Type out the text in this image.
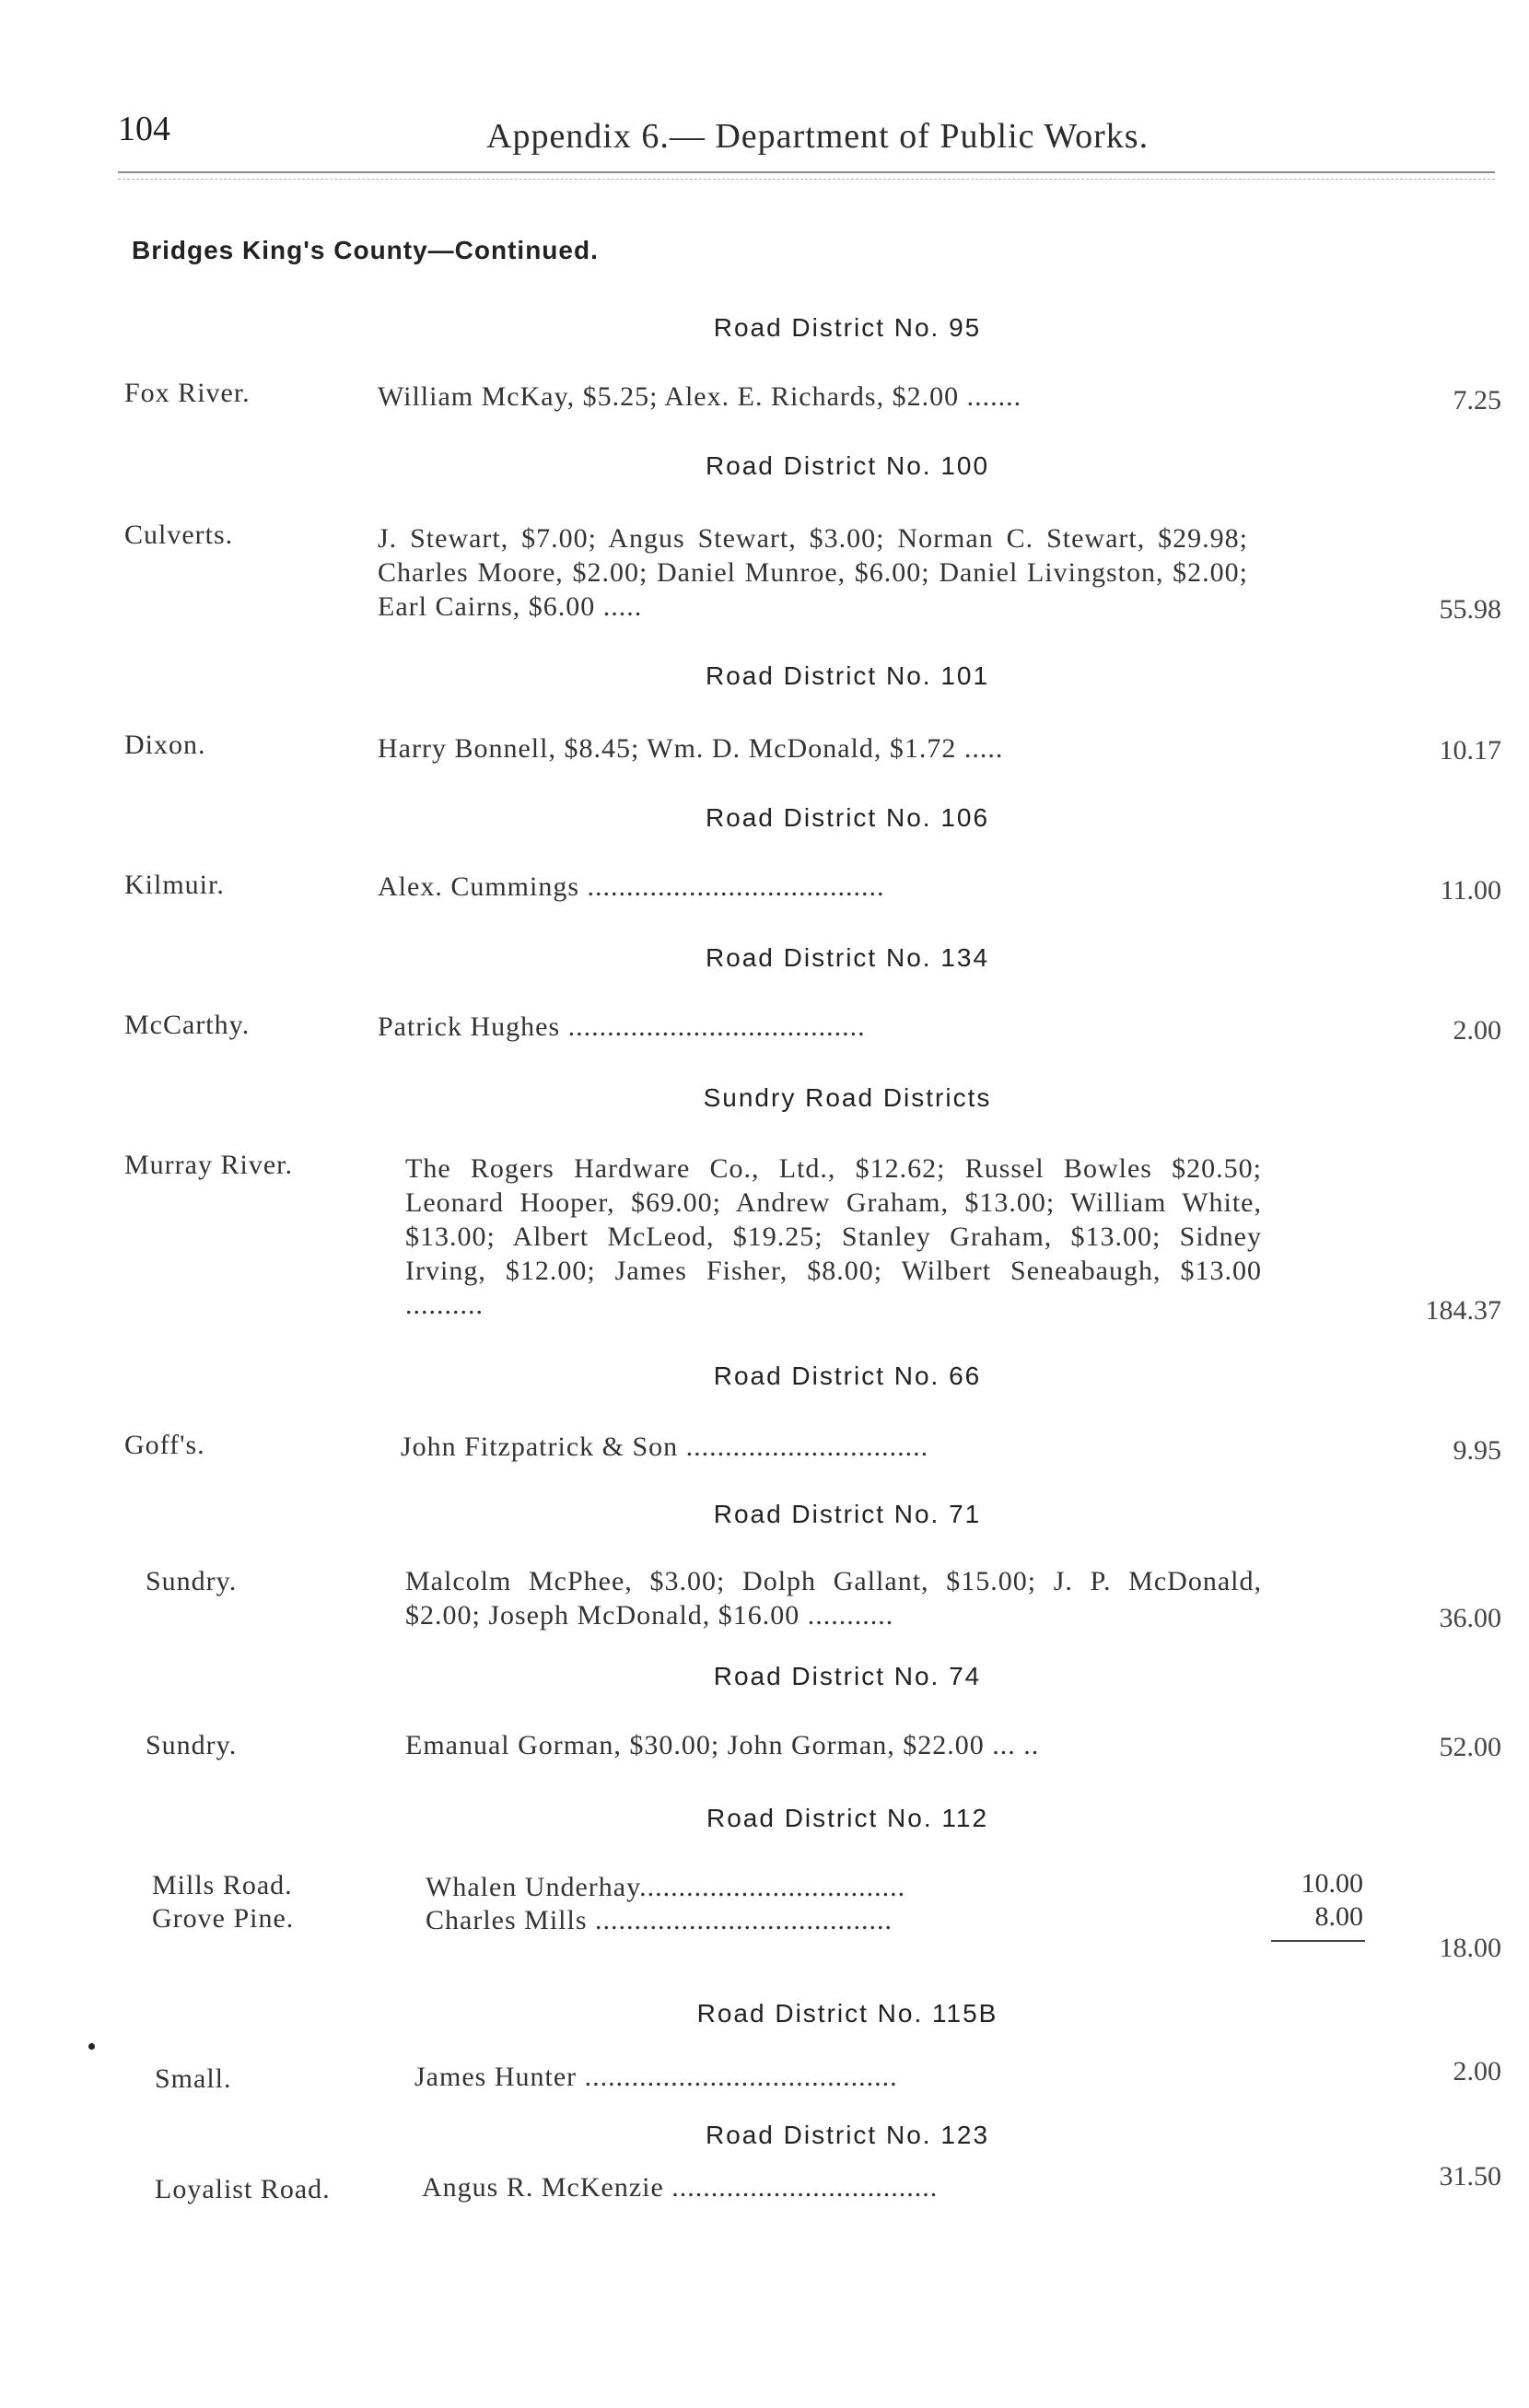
104	Appendix 6.— Department of Public Works.
Bridges King's County—Continued.
Road District No. 95
Fox River.	William McKay, $5.25; Alex. E. Richards, $2.00 .......	7.25
Road District No. 100
Culverts.	J. Stewart, $7.00; Angus Stewart, $3.00; Norman C. Stewart, $29.98; Charles Moore, $2.00; Daniel Munroe, $6.00; Daniel Livingston, $2.00; Earl Cairns, $6.00 .....	55.98
Road District No. 101
Dixon.	Harry Bonnell, $8.45; Wm. D. McDonald, $1.72 .....	10.17
Road District No. 106
Kilmuir.	Alex. Cummings ......................................	11.00
Road District No. 134
McCarthy.	Patrick Hughes ......................................	2.00
Sundry Road Districts
Murray River.	The Rogers Hardware Co., Ltd., $12.62; Russel Bowles $20.50; Leonard Hooper, $69.00; Andrew Graham, $13.00; William White, $13.00; Albert McLeod, $19.25; Stanley Graham, $13.00; Sidney Irving, $12.00; James Fisher, $8.00; Wilbert Seneabaugh, $13.00 ..........	184.37
Road District No. 66
Goff's.	John Fitzpatrick & Son ...............................	9.95
Road District No. 71
Sundry.	Malcolm McPhee, $3.00; Dolph Gallant, $15.00; J. P. McDonald, $2.00; Joseph McDonald, $16.00 ...........	36.00
Road District No. 74
Sundry.	Emanual Gorman, $30.00; John Gorman, $22.00 ... ..	52.00
Road District No. 112
Mills Road.	Whalen Underhay..................................	10.00
Grove Pine.	Charles Mills ......................................	8.00
18.00
Road District No. 115B
Small.	James Hunter ........................................	2.00
Road District No. 123
Loyalist Road.	Angus R. McKenzie ..................................	31.50
